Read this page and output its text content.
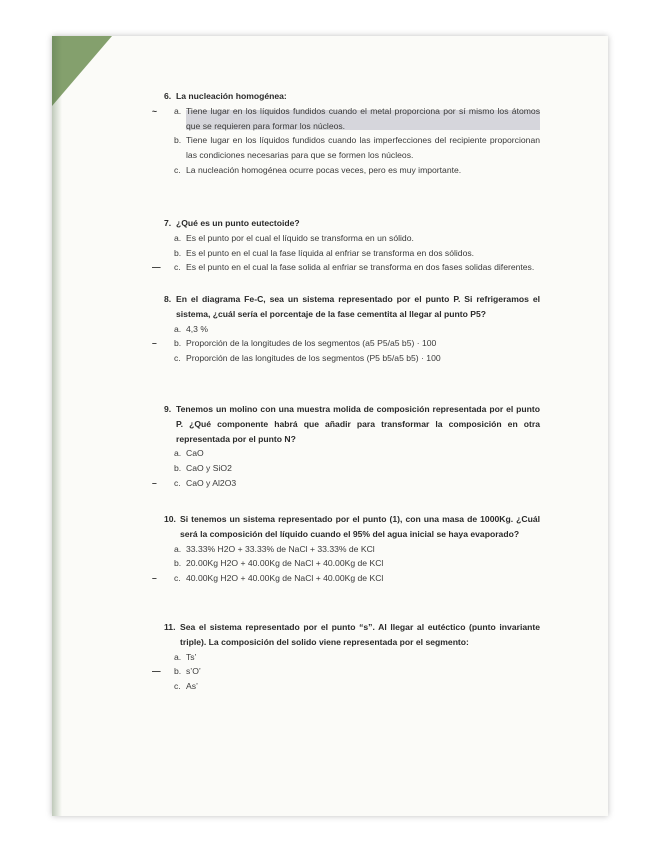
6. La nucleación homogénea:
~ a. Tiene lugar en los líquidos fundidos cuando el metal proporciona por sí mismo los átomos que se requieren para formar los núcleos.
b. Tiene lugar en los líquidos fundidos cuando las imperfecciones del recipiente proporcionan las condiciones necesarias para que se formen los núcleos.
c. La nucleación homogénea ocurre pocas veces, pero es muy importante.
7. ¿Qué es un punto eutectoide?
a. Es el punto por el cual el líquido se transforma en un sólido.
b. Es el punto en el cual la fase líquida al enfriar se transforma en dos sólidos.
— c. Es el punto en el cual la fase solida al enfriar se transforma en dos fases solidas diferentes.
8. En el diagrama Fe-C, sea un sistema representado por el punto P. Si refrigeramos el sistema, ¿cuál sería el porcentaje de la fase cementita al llegar al punto P5?
a. 4,3 %
– b. Proporción de la longitudes de los segmentos (a5 P5/a5 b5) · 100
c. Proporción de las longitudes de los segmentos (P5 b5/a5 b5) · 100
9. Tenemos un molino con una muestra molida de composición representada por el punto P. ¿Qué componente habrá que añadir para transformar la composición en otra representada por el punto N?
a. CaO
b. CaO y SiO2
– c. CaO y Al2O3
10. Si tenemos un sistema representado por el punto (1), con una masa de 1000Kg. ¿Cuál será la composición del líquido cuando el 95% del agua inicial se haya evaporado?
a. 33.33% H2O + 33.33% de NaCl + 33.33% de KCl
b. 20.00Kg H2O + 40.00Kg de NaCl + 40.00Kg de KCl
– c. 40.00Kg H2O + 40.00Kg de NaCl + 40.00Kg de KCl
11. Sea el sistema representado por el punto “s”. Al llegar al eutéctico (punto invariante triple). La composición del solido viene representada por el segmento:
a. Ts’
— b. s’O’
c. As’
